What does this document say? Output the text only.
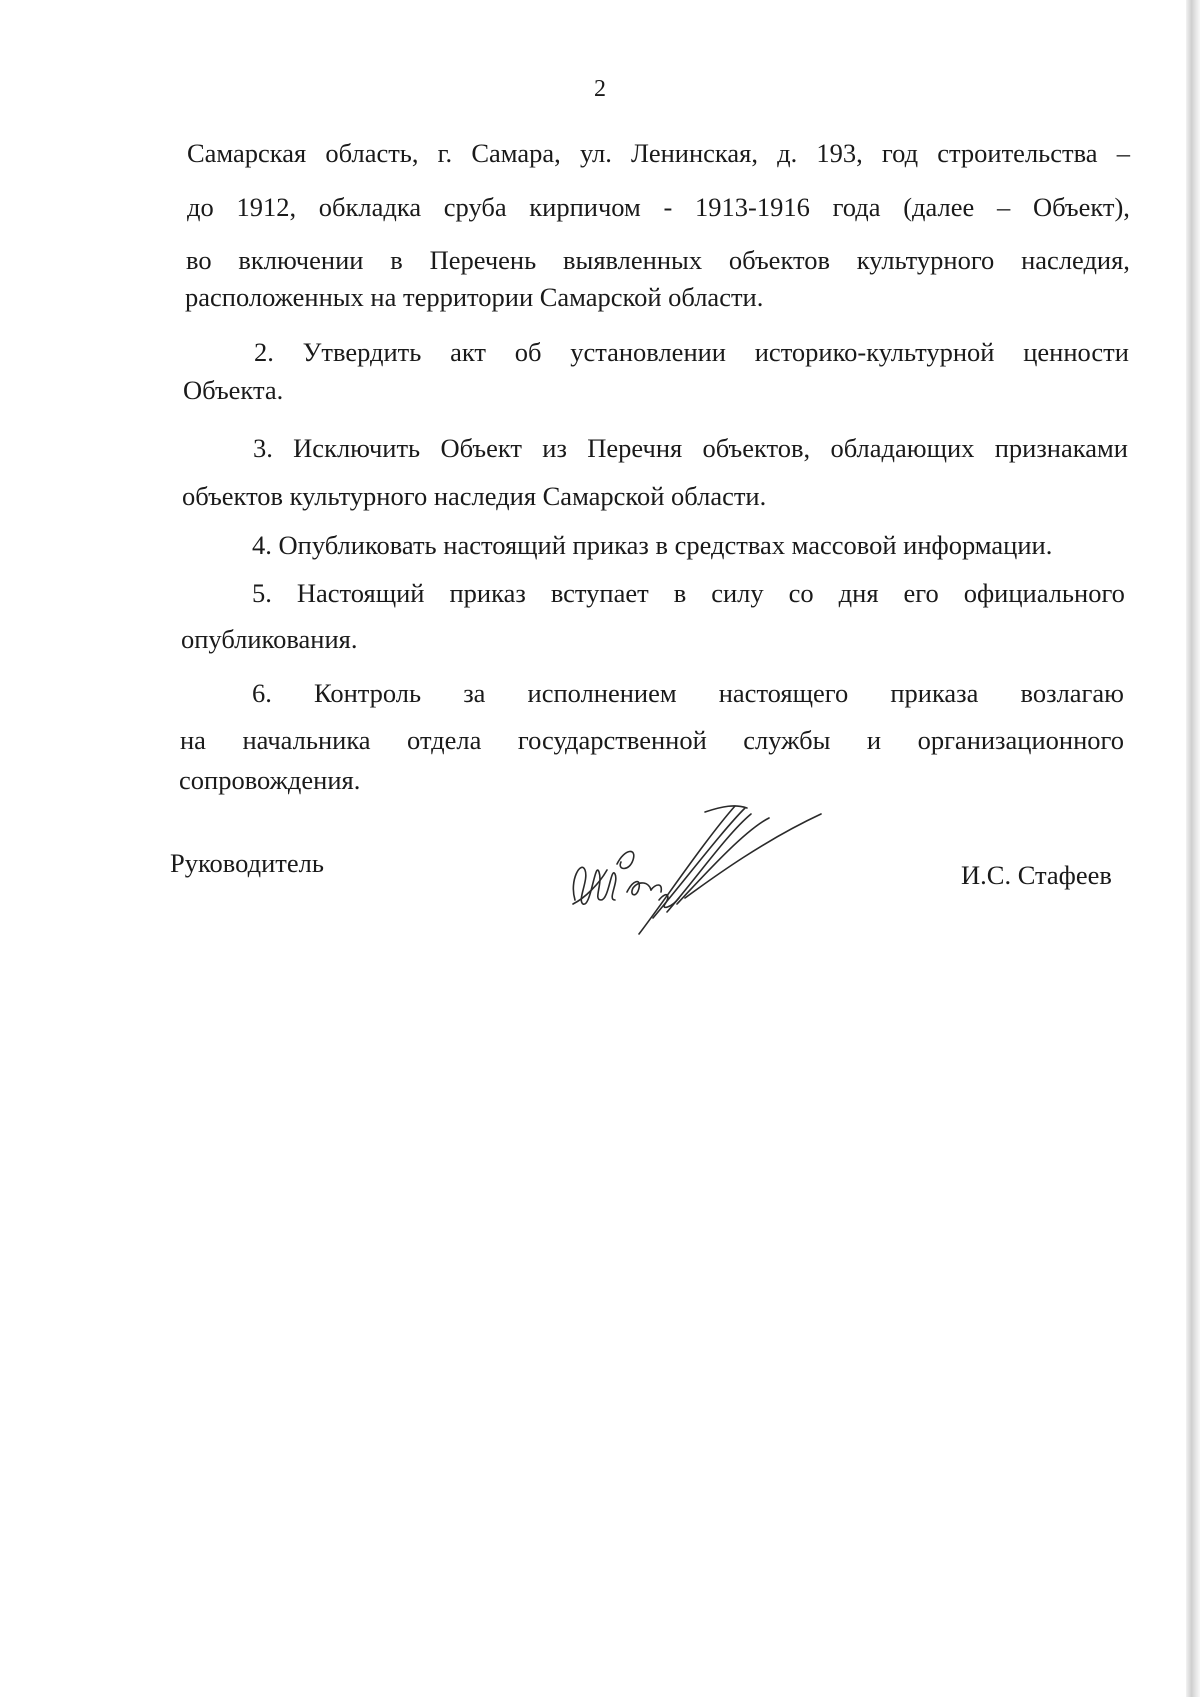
2
Самарская область, г. Самара, ул. Ленинская, д. 193, год строительства –
до 1912, обкладка сруба кирпичом - 1913-1916 года (далее – Объект),
во включении в Перечень выявленных объектов культурного наследия,
расположенных на территории Самарской области.
2. Утвердить акт об установлении историко-культурной ценности
Объекта.
3. Исключить Объект из Перечня объектов, обладающих признаками
объектов культурного наследия Самарской области.
4. Опубликовать настоящий приказ в средствах массовой информации.
5. Настоящий приказ вступает в силу со дня его официального
опубликования.
6. Контроль за исполнением настоящего приказа возлагаю
на начальника отдела государственной службы и организационного
сопровождения.
Руководитель	И.С. Стафеев
